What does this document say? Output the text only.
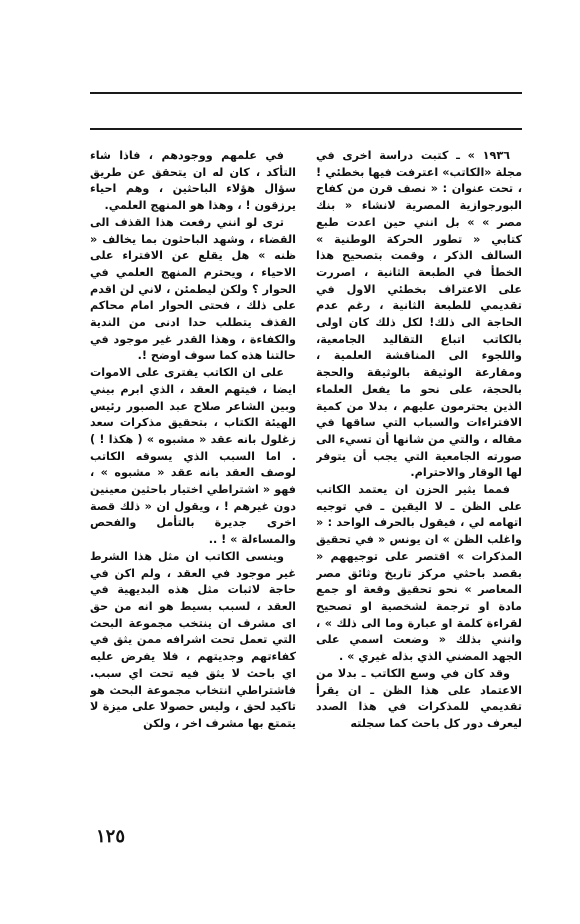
١٩٣٦ » ـ كتبت دراسة اخرى في مجلة «الكاتب» اعترفت فيها بخطئي ! ، تحت عنوان : « نصف قرن من كفاح البورجوازية المصرية لانشاء « بنك مصر » » بل انني حين اعدت طبع كتابي « تطور الحركة الوطنية » السالف الذكر ، وقمت بتصحيح هذا الخطأ في الطبعة الثانية ، اصررت على الاعتراف بخطئي الاول في تقديمي للطبعة الثانية ، رغم عدم الحاجة الى ذلك! لكل ذلك كان اولى بالكاتب اتباع التقاليد الجامعية، واللجوء الى المناقشة العلمية ، ومقارعة الوثيقة بالوثيقة والحجة بالحجة، على نحو ما يفعل العلماء الذين يحترمون عليهم ، بدلا من كمية الافتراءات والسباب التي ساقها في مقاله ، والتي من شانها أن تسيء الى صورته الجامعية التي يجب أن يتوفر لها الوقار والاحترام.

فمما يثير الحزن ان يعتمد الكاتب على الظن ـ لا اليقين ـ في توجيه اتهامه لي ، فيقول بالحرف الواحد : « واغلب الظن » ان يونس « في تحقيق المذكرات » اقتصر على توجيههم « بقصد باحثي مركز تاريخ وثائق مصر المعاصر » نحو تحقيق وقعة او جمع مادة او ترجمة لشخصية او تصحيح لقراءة كلمة او عبارة وما الى ذلك » ، وانني بذلك « وضعت اسمي على الجهد المضني الذي بذله غيري » .

وقد كان في وسع الكاتب ـ بدلا من الاعتماد على هذا الظن ـ ان يقرأ تقديمي للمذكرات في هذا الصدد ليعرف دور كل باحث كما سجلته

في علمهم ووجودهم ، فاذا شاء التأكد ، كان له ان يتحقق عن طريق سؤال هؤلاء الباحثين ، وهم احياء يرزقون ! ، وهذا هو المنهج العلمي.

ترى لو انني رفعت هذا القذف الى القضاء ، وشهد الباحثون بما يخالف « ظنه » هل يقلع عن الافتراء على الاحياء ، ويحترم المنهج العلمي في الحوار ؟ ولكن ليطمئن ، لاني لن اقدم على ذلك ، فحتى الحوار امام محاكم القذف يتطلب حدا ادنى من الندية والكفاءة ، وهذا القدر غير موجود في حالتنا هذه كما سوف اوضح !.

على ان الكاتب يفترى على الاموات ايضا ، فيتهم العقد ، الذي ابرم بيني وبين الشاعر صلاح عبد الصبور رئيس الهيئة الكتاب ، بتحقيق مذكرات سعد زغلول بانه عقد « مشبوه » ( هكذا ! ) . اما السبب الذي يسوقه الكاتب لوصف العقد بانه عقد « مشبوه » ، فهو « اشتراطي اختيار باحثين معينين دون غيرهم ! ، ويقول ان « ذلك قصة اخرى جديرة بالتأمل والفحص والمساءلة » ! ..

وينسى الكاتب ان مثل هذا الشرط غير موجود في العقد ، ولم اكن في حاجة لاثبات مثل هذه البديهية في العقد ، لسبب بسيط هو انه من حق اى مشرف ان ينتخب مجموعة البحث التي تعمل تحت اشرافه ممن يثق في كفاءتهم وجديتهم ، فلا يفرض عليه اي باحث لا يثق فيه تحت اي سبب. فاشتراطي انتخاب مجموعة البحث هو تاكيد لحق ، وليس حصولا على ميزة لا يتمتع بها مشرف اخر ، ولكن

١٢٥
